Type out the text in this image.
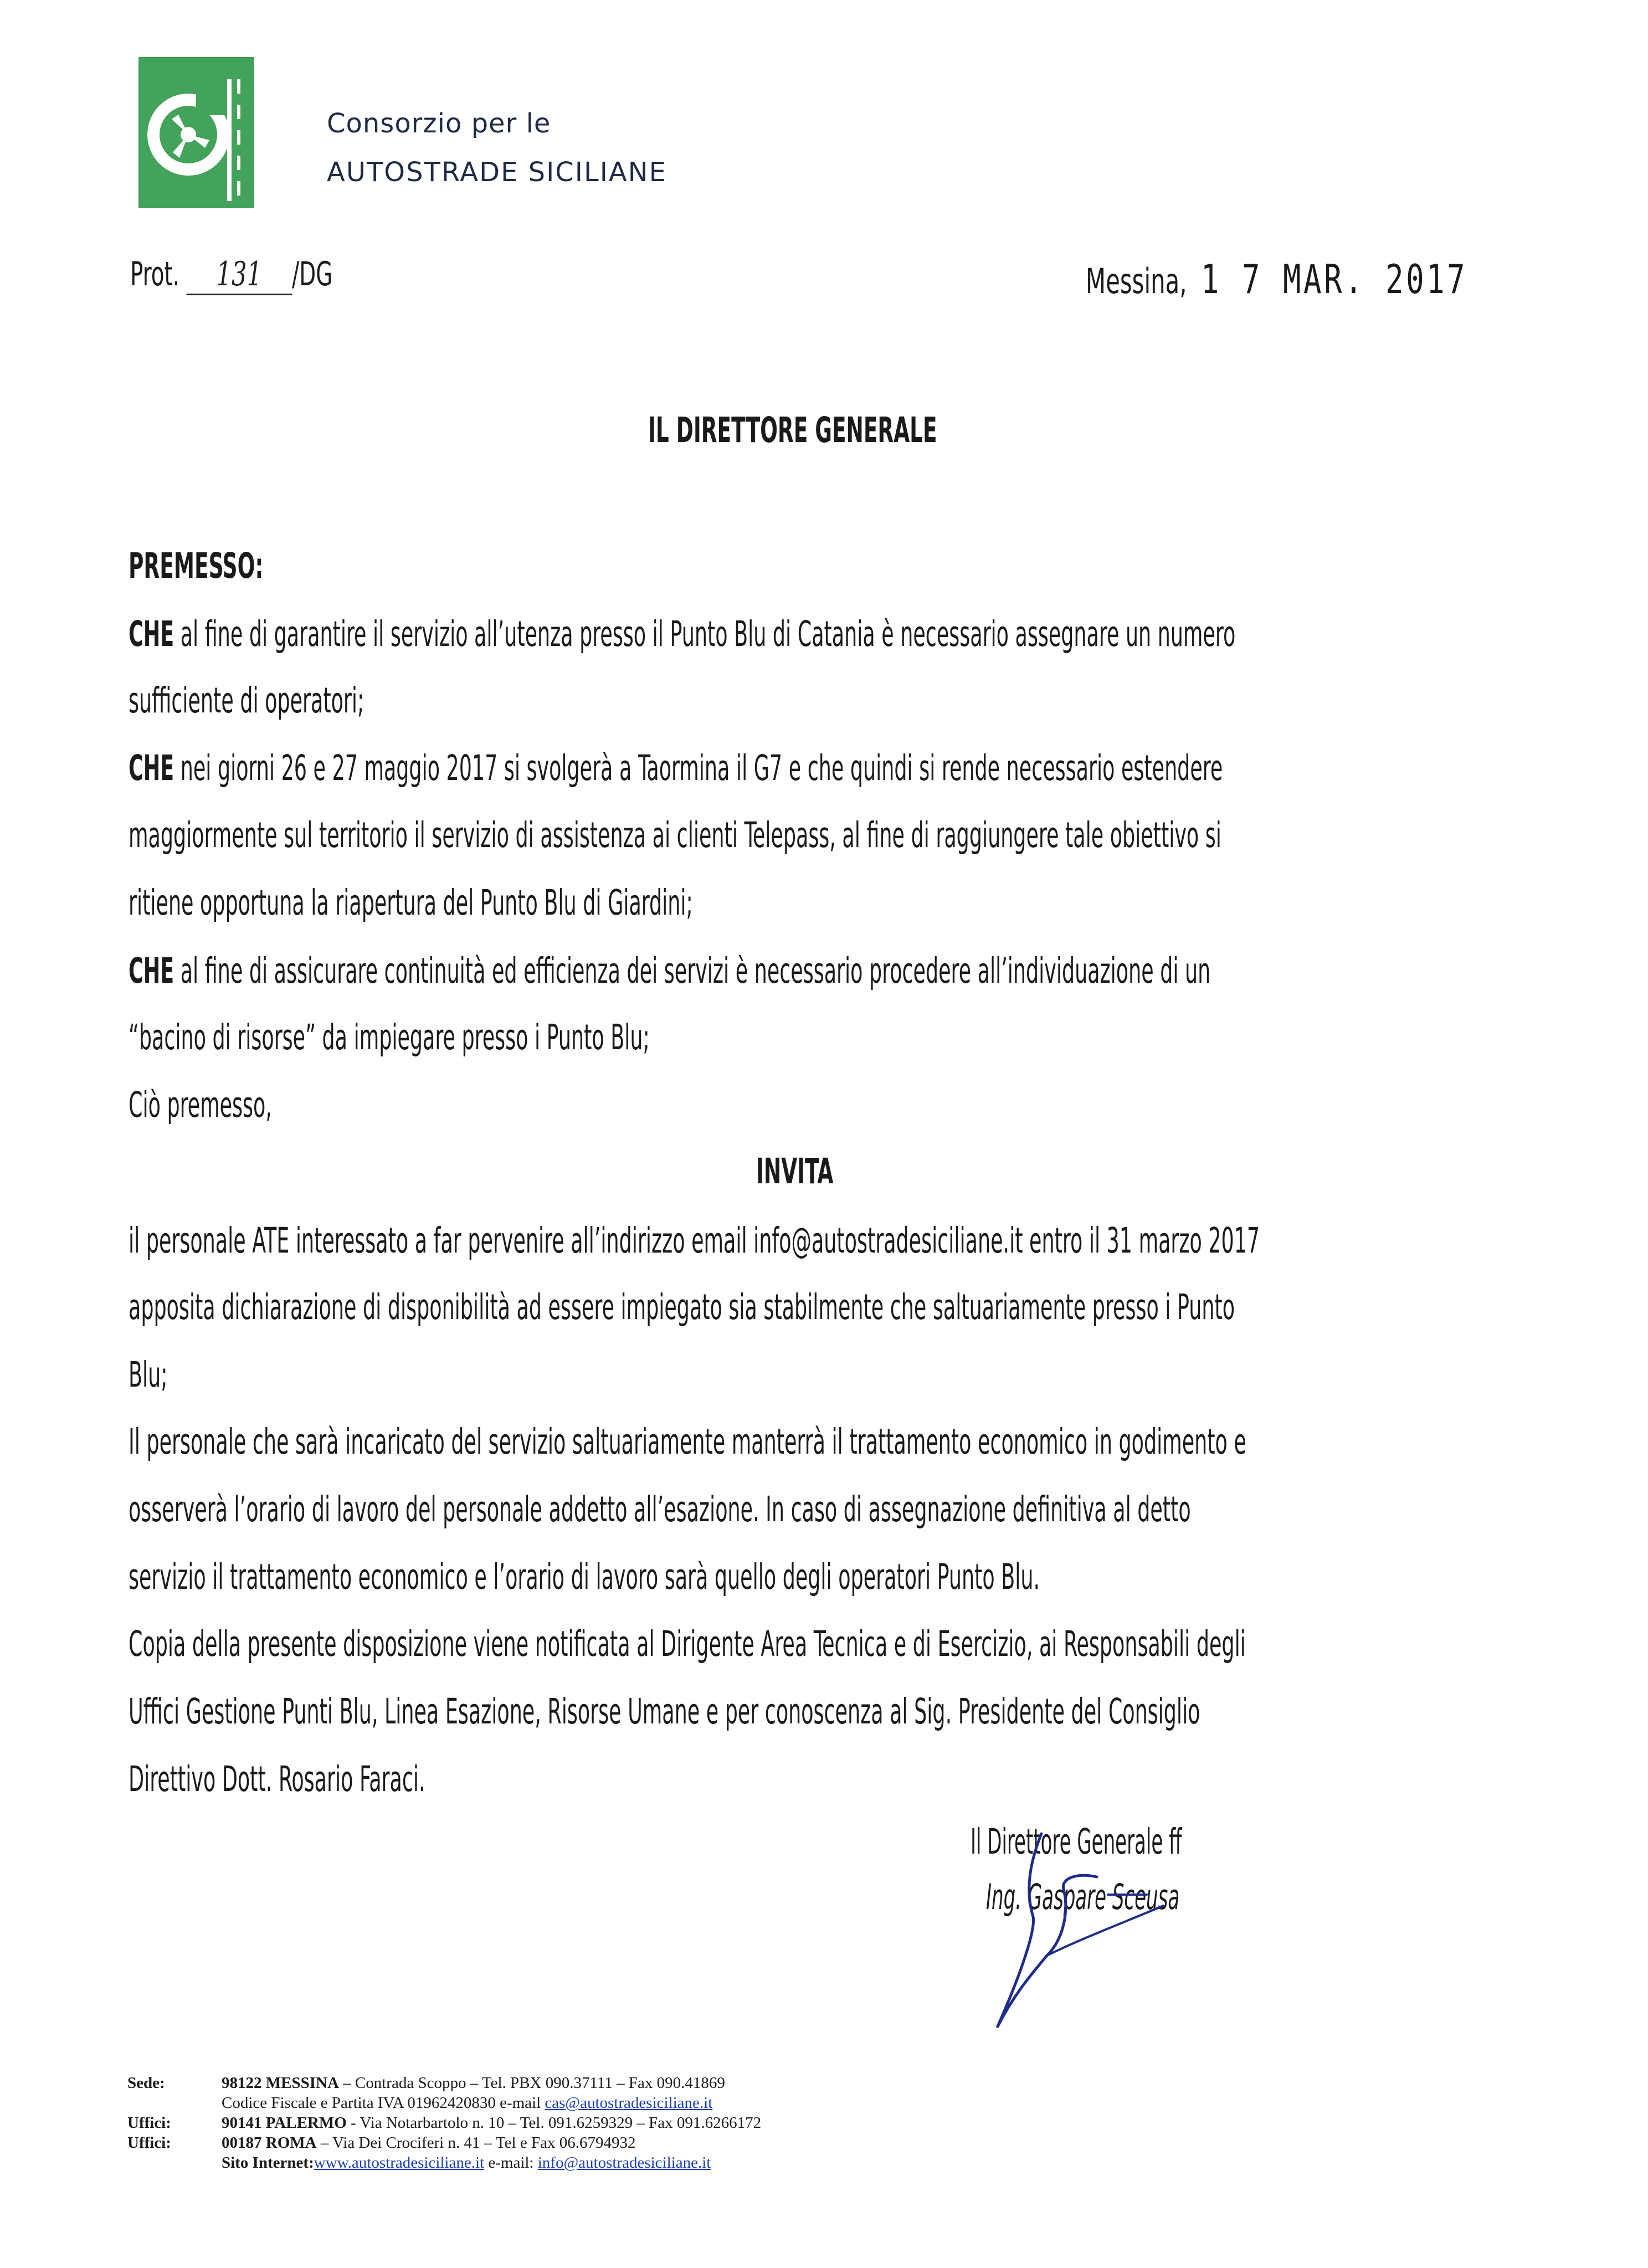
Consorzio per le
AUTOSTRADE SICILIANE
Prot. 131 /DG	Messina, 1 7 MAR. 2017
IL DIRETTORE GENERALE
PREMESSO:
CHE al fine di garantire il servizio all’utenza presso il Punto Blu di Catania è necessario assegnare un numero
sufficiente di operatori;
CHE nei giorni 26 e 27 maggio 2017 si svolgerà a Taormina il G7 e che quindi si rende necessario estendere
maggiormente sul territorio il servizio di assistenza ai clienti Telepass, al fine di raggiungere tale obiettivo si
ritiene opportuna la riapertura del Punto Blu di Giardini;
CHE al fine di assicurare continuità ed efficienza dei servizi è necessario procedere all’individuazione di un
“bacino di risorse” da impiegare presso i Punto Blu;
Ciò premesso,
INVITA
il personale ATE interessato a far pervenire all’indirizzo email info@autostradesiciliane.it entro il 31 marzo 2017
apposita dichiarazione di disponibilità ad essere impiegato sia stabilmente che saltuariamente presso i Punto
Blu;
Il personale che sarà incaricato del servizio saltuariamente manterrà il trattamento economico in godimento e
osserverà l’orario di lavoro del personale addetto all’esazione. In caso di assegnazione definitiva al detto
servizio il trattamento economico e l’orario di lavoro sarà quello degli operatori Punto Blu.
Copia della presente disposizione viene notificata al Dirigente Area Tecnica e di Esercizio, ai Responsabili degli
Uffici Gestione Punti Blu, Linea Esazione, Risorse Umane e per conoscenza al Sig. Presidente del Consiglio
Direttivo Dott. Rosario Faraci.
Il Direttore Generale ff
Ing. Gaspare Sceusa
Sede:	98122 MESSINA – Contrada Scoppo – Tel. PBX 090.37111 – Fax 090.41869
Codice Fiscale e Partita IVA 01962420830 e-mail cas@autostradesiciliane.it
Uffici:	90141 PALERMO - Via Notarbartolo n. 10 – Tel. 091.6259329 – Fax 091.6266172
Uffici:	00187 ROMA – Via Dei Crociferi n. 41 – Tel e Fax 06.6794932
Sito Internet:www.autostradesiciliane.it e-mail: info@autostradesiciliane.it
